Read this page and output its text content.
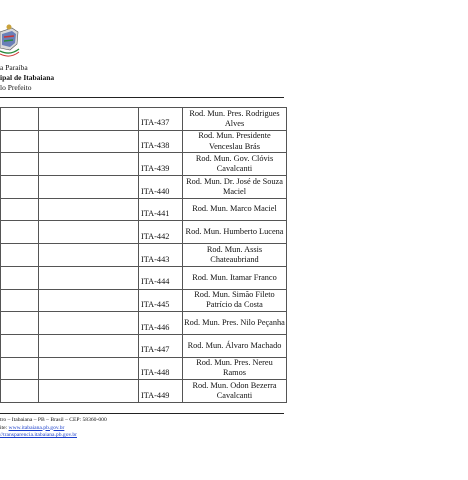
a Paraíba
ipal de Itabaiana
lo Prefeito
		ITA-437	Rod. Mun. Pres. Rodrigues Alves
		ITA-438	Rod. Mun. Presidente Venceslau Brás
		ITA-439	Rod. Mun. Gov. Clóvis Cavalcanti
		ITA-440	Rod. Mun. Dr. José de Souza Maciel
		ITA-441	Rod. Mun. Marco Maciel
		ITA-442	Rod. Mun. Humberto Lucena
		ITA-443	Rod. Mun. Assis Chateaubriand
		ITA-444	Rod. Mun. Itamar Franco
		ITA-445	Rod. Mun. Simão Fileto Patrício da Costa
		ITA-446	Rod. Mun. Pres. Nilo Peçanha
		ITA-447	Rod. Mun. Álvaro Machado
		ITA-448	Rod. Mun. Pres. Nereu Ramos
		ITA-449	Rod. Mun. Odon Bezerra Cavalcanti
tro – Itabaiana – PB – Brasil – CEP: 58360-000
ite: www.itabaiana.pb.gov.br
//transparencia.itabaiana.pb.gov.br
